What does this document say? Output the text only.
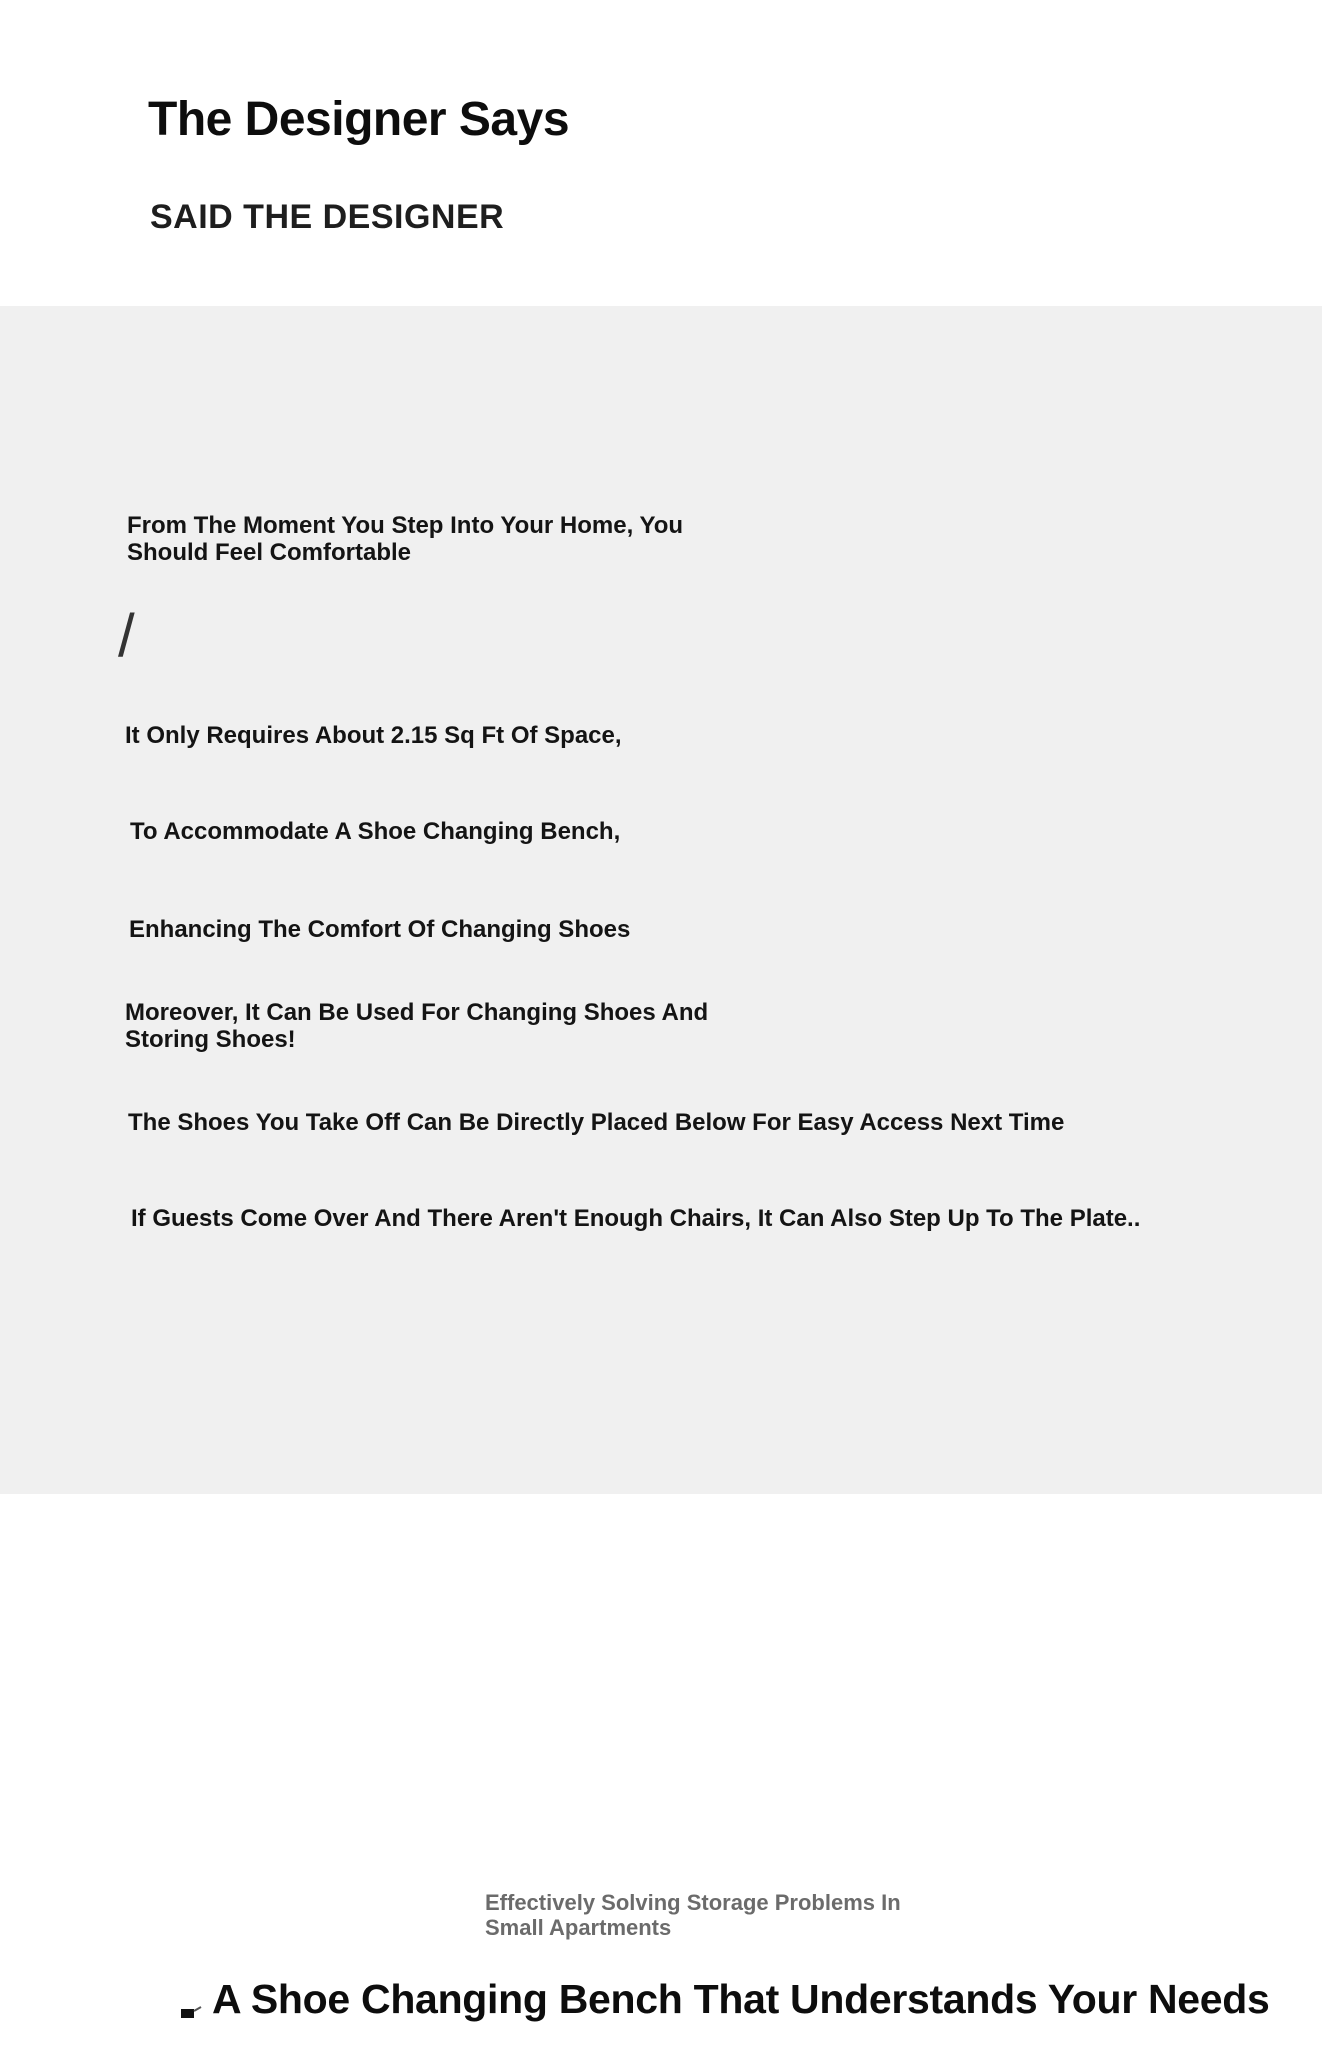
The Designer Says
SAID THE DESIGNER

From The Moment You Step Into Your Home, You Should Feel Comfortable

/

It Only Requires About 2.15 Sq Ft Of Space,

To Accommodate A Shoe Changing Bench,

Enhancing The Comfort Of Changing Shoes

Moreover, It Can Be Used For Changing Shoes And Storing Shoes!

The Shoes You Take Off Can Be Directly Placed Below For Easy Access Next Time

If Guests Come Over And There Aren't Enough Chairs, It Can Also Step Up To The Plate..

Effectively Solving Storage Problems In Small Apartments
A Shoe Changing Bench That Understands Your Needs
